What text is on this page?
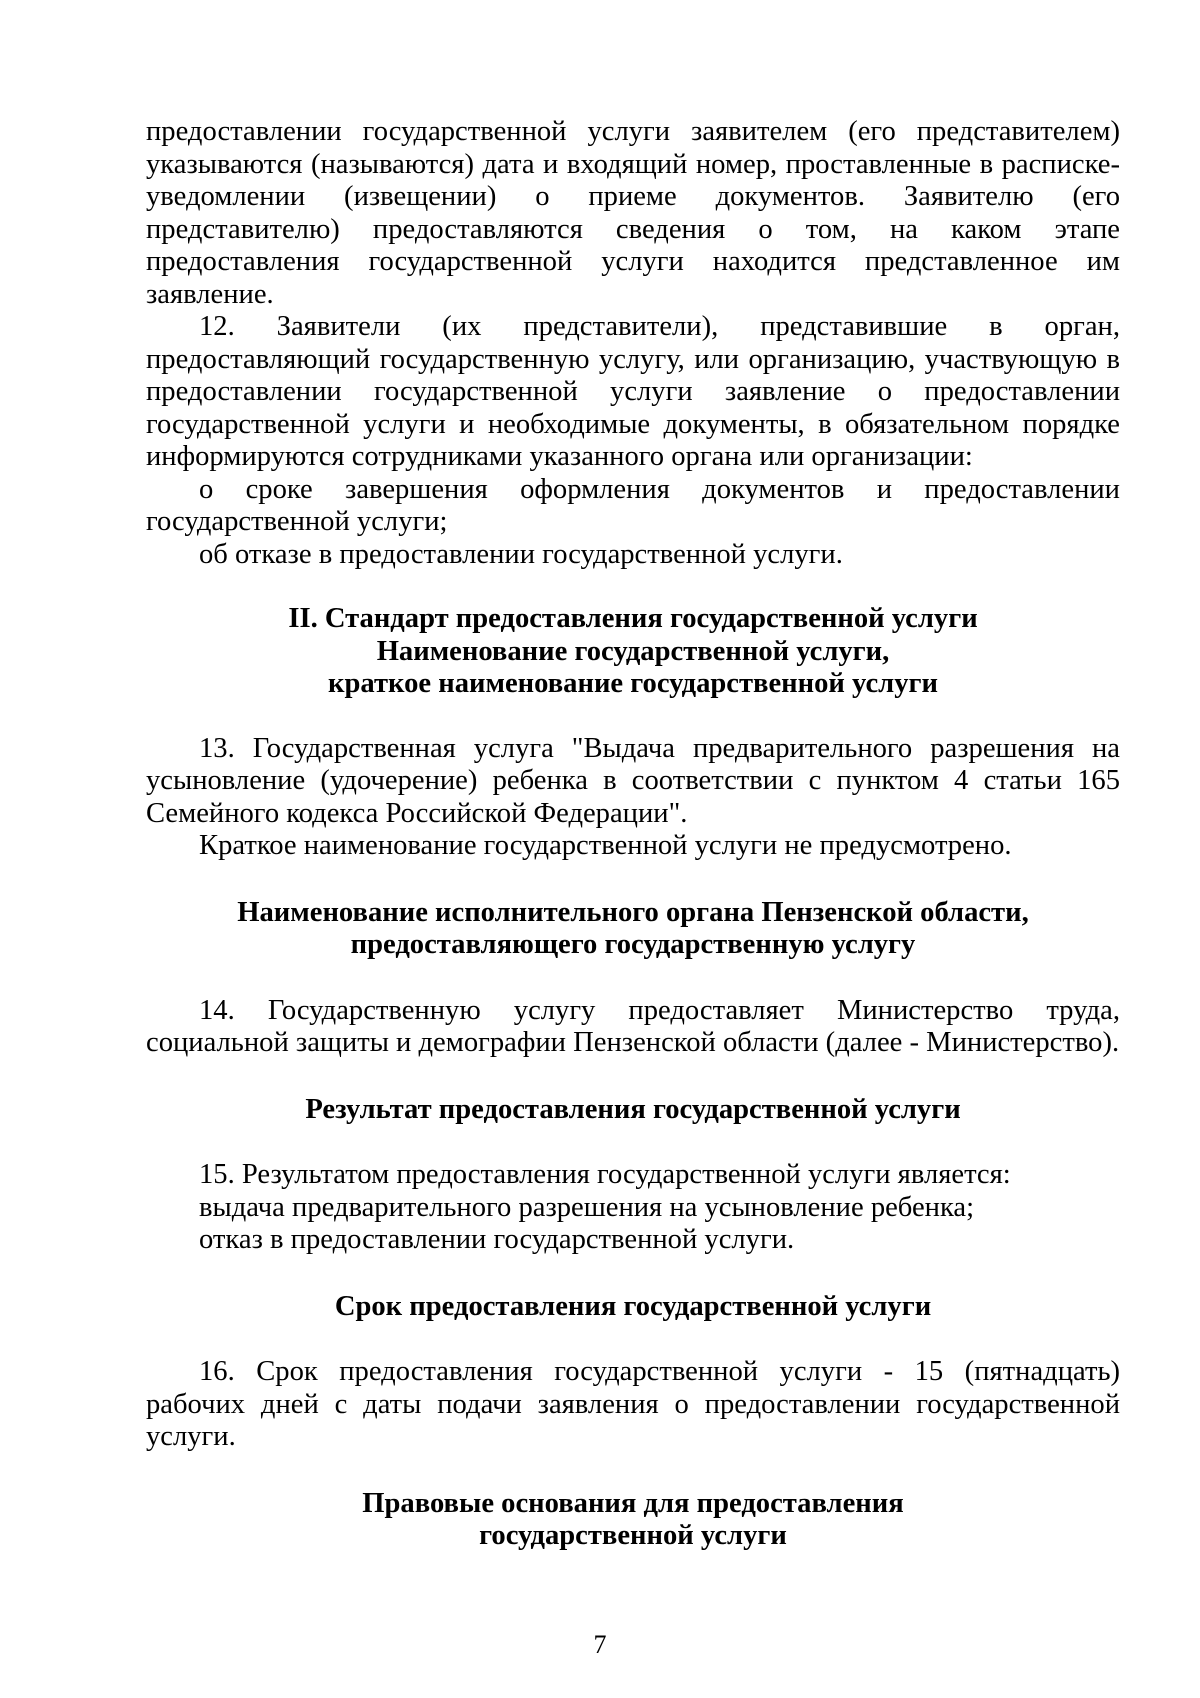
предоставлении государственной услуги заявителем (его представителем) указываются (называются) дата и входящий номер, проставленные в расписке-уведомлении (извещении) о приеме документов. Заявителю (его представителю) предоставляются сведения о том, на каком этапе предоставления государственной услуги находится представленное им заявление.

12. Заявители (их представители), представившие в орган, предоставляющий государственную услугу, или организацию, участвующую в предоставлении государственной услуги заявление о предоставлении государственной услуги и необходимые документы, в обязательном порядке информируются сотрудниками указанного органа или организации:

о сроке завершения оформления документов и предоставлении государственной услуги;

об отказе в предоставлении государственной услуги.

II. Стандарт предоставления государственной услуги
Наименование государственной услуги,
краткое наименование государственной услуги

13. Государственная услуга "Выдача предварительного разрешения на усыновление (удочерение) ребенка в соответствии с пунктом 4 статьи 165 Семейного кодекса Российской Федерации".

Краткое наименование государственной услуги не предусмотрено.

Наименование исполнительного органа Пензенской области,
предоставляющего государственную услугу

14. Государственную услугу предоставляет Министерство труда, социальной защиты и демографии Пензенской области (далее - Министерство).

Результат предоставления государственной услуги

15. Результатом предоставления государственной услуги является:

выдача предварительного разрешения на усыновление ребенка;

отказ в предоставлении государственной услуги.

Срок предоставления государственной услуги

16. Срок предоставления государственной услуги - 15 (пятнадцать) рабочих дней с даты подачи заявления о предоставлении государственной услуги.

Правовые основания для предоставления
государственной услуги
7
